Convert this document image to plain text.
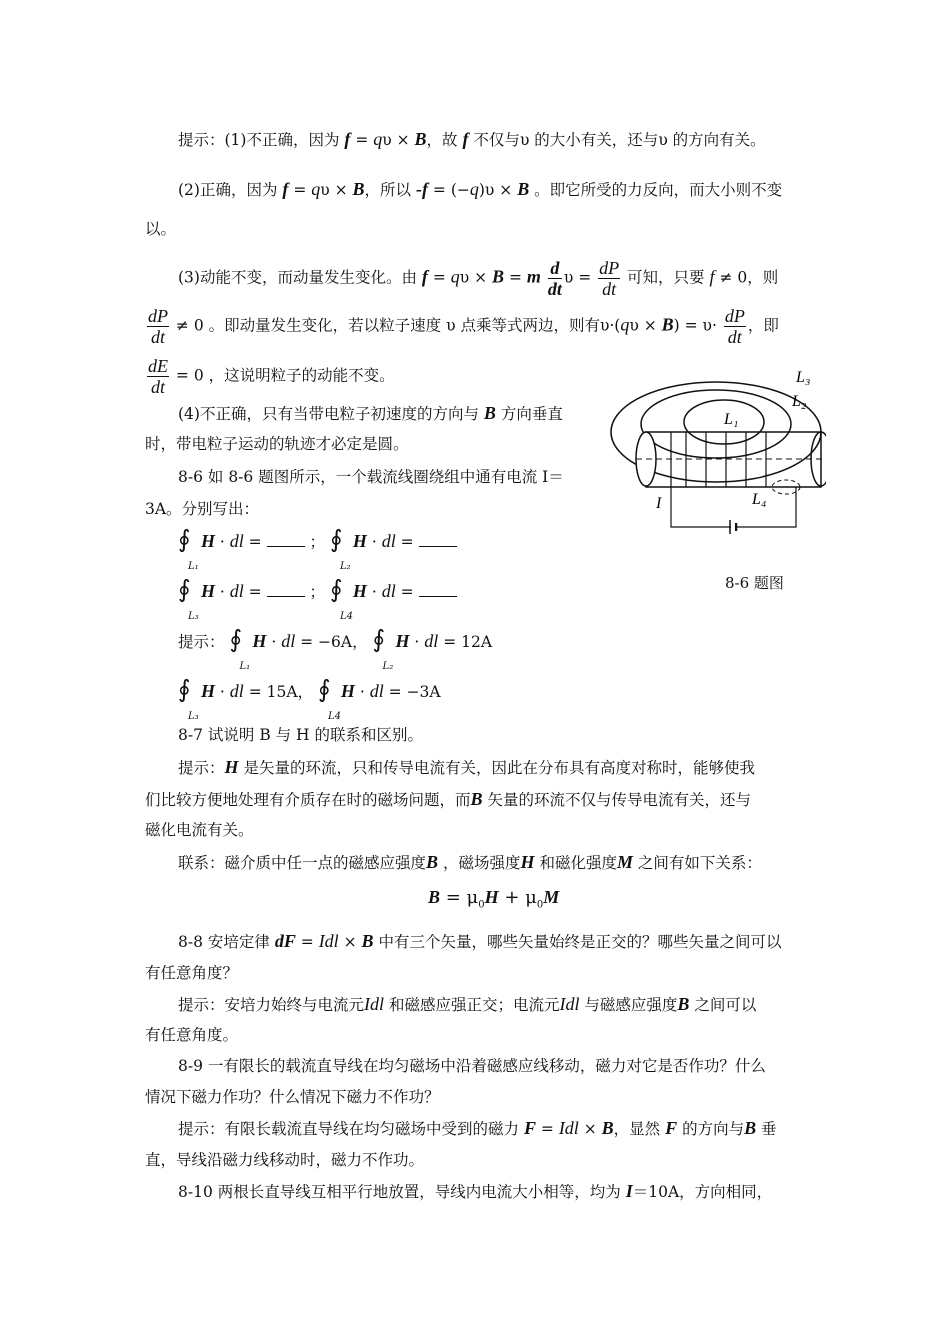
提示：(1)不正确，因为 f = qυ × B，故 f 不仅与υ 的大小有关，还与υ 的方向有关。
(2)正确，因为 f = qυ × B，所以 -f = (−q)υ × B 。即它所受的力反向，而大小则不变
以。
(3)动能不变，而动量发生变化。由 f = qυ × B = m $\frac{d}{dt}$ $\upsilon = \frac{dP}{dt}$ 可知，只要 f ≠ 0，则
$\frac{dP}{dt} \ne 0$ 。即动量发生变化，若以粒子速度 υ 点乘等式两边，则有$\upsilon\cdot(q\upsilon \times B) = \upsilon\cdot \frac{dP}{dt}$ ，即
$\frac{dE}{dt} = 0$ ，这说明粒子的动能不变。
(4)不正确，只有当带电粒子初速度的方向与 B 方向垂直
时，带电粒子运动的轨迹才必定是圆。
8-6 如 8-6 题图所示，一个载流线圈绕组中通有电流 I＝
3A。分别写出：
∮
L₁
H · dl =  ； ∮
L₂
H · dl =
∮
L₃
H · dl =  ； ∮
L4
H · dl =
提示： ∮
L₁
H · dl = −6A， ∮
L₂
H · dl = 12A
∮
L₃
H · dl = 15A， ∮
L4
H · dl = −3A
L₃
L₂
L₁
L₄
I
8-6 题图
8-7 试说明 B 与 H 的联系和区别。
提示：H 是矢量的环流，只和传导电流有关，因此在分布具有高度对称时，能够使我
们比较方便地处理有介质存在时的磁场问题，而B 矢量的环流不仅与传导电流有关，还与
磁化电流有关。
联系：磁介质中任一点的磁感应强度B ，磁场强度H 和磁化强度M 之间有如下关系：
$B = \mu_0H + \mu_0M$
8-8 安培定律 dF = Idl × B 中有三个矢量，哪些矢量始终是正交的？哪些矢量之间可以
有任意角度？
提示：安培力始终与电流元Idl 和磁感应强正交；电流元Idl 与磁感应强度B 之间可以
有任意角度。
8-9 一有限长的载流直导线在均匀磁场中沿着磁感应线移动，磁力对它是否作功？什么
情况下磁力作功？什么情况下磁力不作功？
提示：有限长载流直导线在均匀磁场中受到的磁力 F = Idl × B，显然 F 的方向与B 垂
直，导线沿磁力线移动时，磁力不作功。
8-10 两根长直导线互相平行地放置，导线内电流大小相等，均为 I＝10A，方向相同，
